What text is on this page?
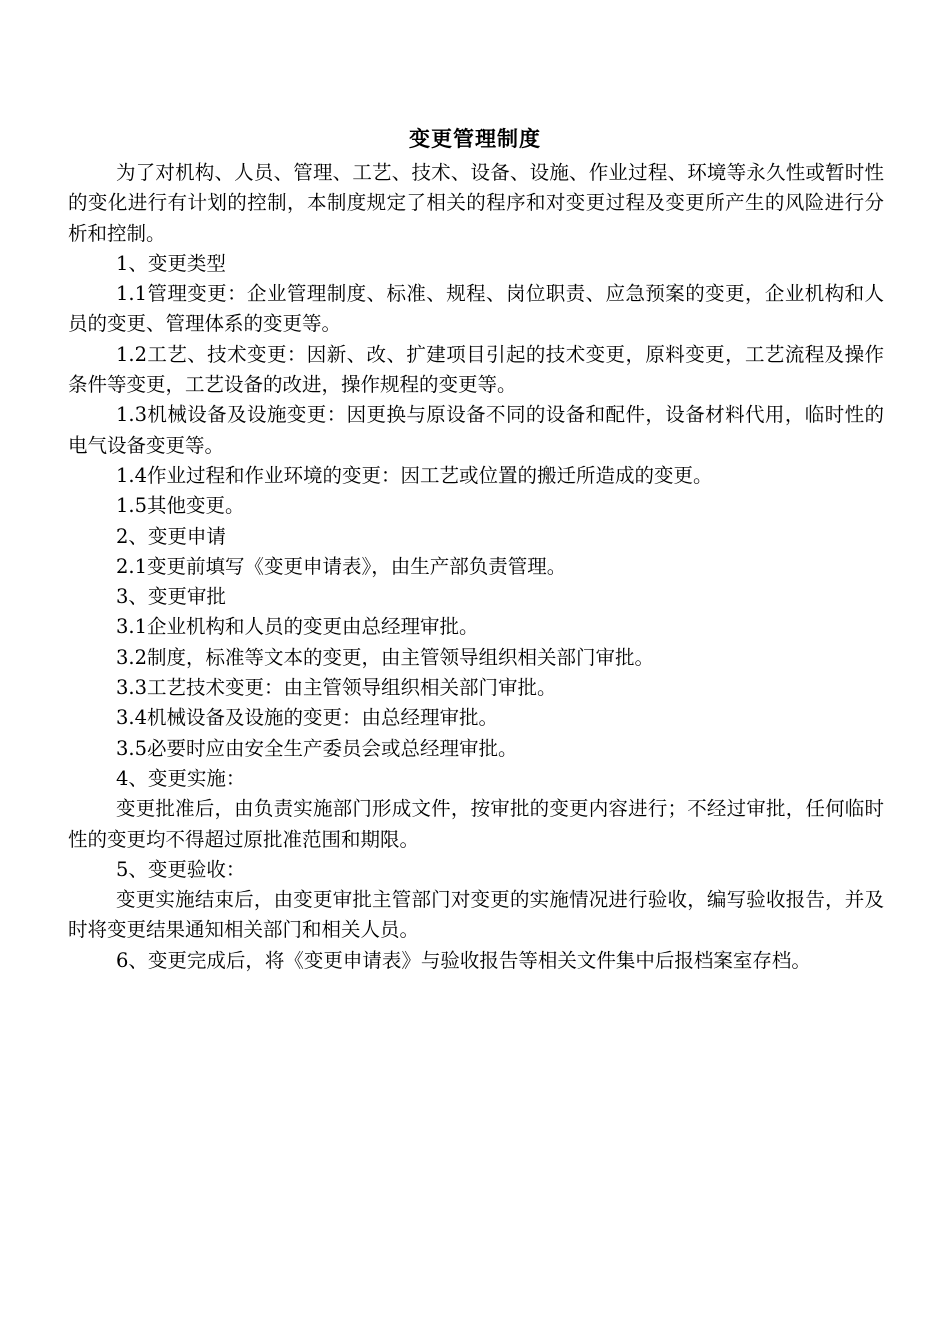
变更管理制度

为了对机构、人员、管理、工艺、技术、设备、设施、作业过程、环境等永久性或暂时性的变化进行有计划的控制，本制度规定了相关的程序和对变更过程及变更所产生的风险进行分析和控制。

1、变更类型

1.1管理变更：企业管理制度、标准、规程、岗位职责、应急预案的变更，企业机构和人员的变更、管理体系的变更等。

1.2工艺、技术变更：因新、改、扩建项目引起的技术变更，原料变更，工艺流程及操作条件等变更，工艺设备的改进，操作规程的变更等。

1.3机械设备及设施变更：因更换与原设备不同的设备和配件，设备材料代用，临时性的电气设备变更等。

1.4作业过程和作业环境的变更：因工艺或位置的搬迁所造成的变更。

1.5其他变更。

2、变更申请

2.1变更前填写《变更申请表》，由生产部负责管理。

3、变更审批

3.1企业机构和人员的变更由总经理审批。

3.2制度，标准等文本的变更，由主管领导组织相关部门审批。

3.3工艺技术变更：由主管领导组织相关部门审批。

3.4机械设备及设施的变更：由总经理审批。

3.5必要时应由安全生产委员会或总经理审批。

4、变更实施：

变更批准后，由负责实施部门形成文件，按审批的变更内容进行；不经过审批，任何临时性的变更均不得超过原批准范围和期限。

5、变更验收：

变更实施结束后，由变更审批主管部门对变更的实施情况进行验收，编写验收报告，并及时将变更结果通知相关部门和相关人员。

6、变更完成后，将《变更申请表》与验收报告等相关文件集中后报档案室存档。
